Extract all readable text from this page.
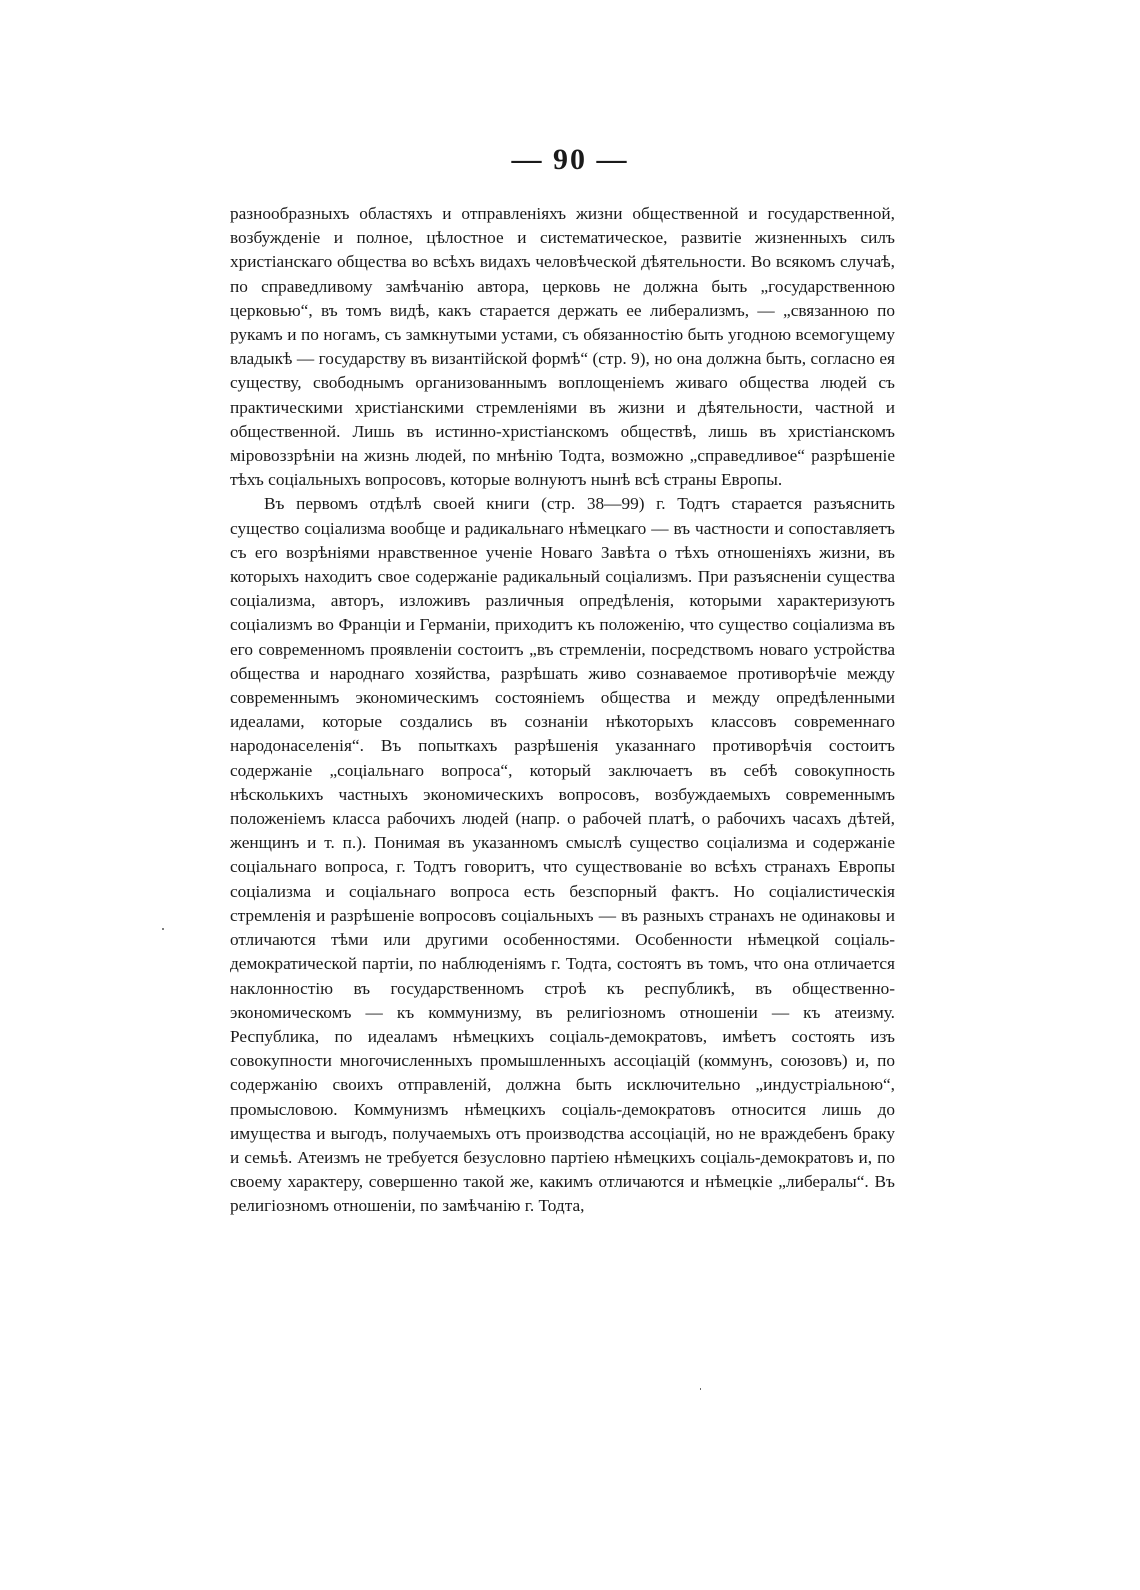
— 90 —

разнообразныхъ областяхъ и отправленіяхъ жизни общественной и государственной, возбужденіе и полное, цѣлостное и систематическое, развитіе жизненныхъ силъ христіанскаго общества во всѣхъ видахъ человѣческой дѣятельности. Во всякомъ случаѣ, по справедливому замѣчанію автора, церковь не должна быть „государственною церковью“, въ томъ видѣ, какъ старается держать ее либерализмъ, — „связанною по рукамъ и по ногамъ, съ замкнутыми устами, съ обязанностію быть угодною всемогущему владыкѣ — государству въ византійской формѣ“ (стр. 9), но она должна быть, согласно ея существу, свободнымъ организованнымъ воплощеніемъ живаго общества людей съ практическими христіанскими стремленіями въ жизни и дѣятельности, частной и общественной. Лишь въ истинно-христіанскомъ обществѣ, лишь въ христіанскомъ міровоззрѣніи на жизнь людей, по мнѣнію Тодта, возможно „справедливое“ разрѣшеніе тѣхъ соціальныхъ вопросовъ, которые волнуютъ нынѣ всѣ страны Европы.

Въ первомъ отдѣлѣ своей книги (стр. 38—99) г. Тодтъ старается разъяснить существо соціализма вообще и радикальнаго нѣмецкаго — въ частности и сопоставляетъ съ его возрѣніями нравственное ученіе Новаго Завѣта о тѣхъ отношеніяхъ жизни, въ которыхъ находитъ свое содержаніе радикальный соціализмъ. При разъясненіи существа соціализма, авторъ, изложивъ различныя опредѣленія, которыми характеризуютъ соціализмъ во Франціи и Германіи, приходитъ къ положенію, что существо соціализма въ его современномъ проявленіи состоитъ „въ стремленіи, посредствомъ новаго устройства общества и народнаго хозяйства, разрѣшать живо сознаваемое противорѣчіе между современнымъ экономическимъ состояніемъ общества и между опредѣленными идеалами, которые создались въ сознаніи нѣкоторыхъ классовъ современнаго народонаселенія“. Въ попыткахъ разрѣшенія указаннаго противорѣчія состоитъ содержаніе „соціальнаго вопроса“, который заключаетъ въ себѣ совокупность нѣсколькихъ частныхъ экономическихъ вопросовъ, возбуждаемыхъ современнымъ положеніемъ класса рабочихъ людей (напр. о рабочей платѣ, о рабочихъ часахъ дѣтей, женщинъ и т. п.). Понимая въ указанномъ смыслѣ существо соціализма и содержаніе соціальнаго вопроса, г. Тодтъ говоритъ, что существованіе во всѣхъ странахъ Европы соціализма и соціальнаго вопроса есть безспорный фактъ. Но соціалистическія стремленія и разрѣшеніе вопросовъ соціальныхъ — въ разныхъ странахъ не одинаковы и отличаются тѣми или другими особенностями. Особенности нѣмецкой соціаль-демократической партіи, по наблюденіямъ г. Тодта, состоятъ въ томъ, что она отличается наклонностію въ государственномъ строѣ къ республикѣ, въ общественно-экономическомъ — къ коммунизму, въ религіозномъ отношеніи — къ атеизму. Республика, по идеаламъ нѣмецкихъ соціаль-демократовъ, имѣетъ состоять изъ совокупности многочисленныхъ промышленныхъ ассоціацій (коммунъ, союзовъ) и, по содержанію своихъ отправленій, должна быть исключительно „индустріальною“, промысловою. Коммунизмъ нѣмецкихъ соціаль-демократовъ относится лишь до имущества и выгодъ, получаемыхъ отъ производства ассоціацій, но не враждебенъ браку и семьѣ. Атеизмъ не требуется безусловно партіею нѣмецкихъ соціаль-демократовъ и, по своему характеру, совершенно такой же, какимъ отличаются и нѣмецкіе „либералы“. Въ религіозномъ отношеніи, по замѣчанію г. Тодта,
